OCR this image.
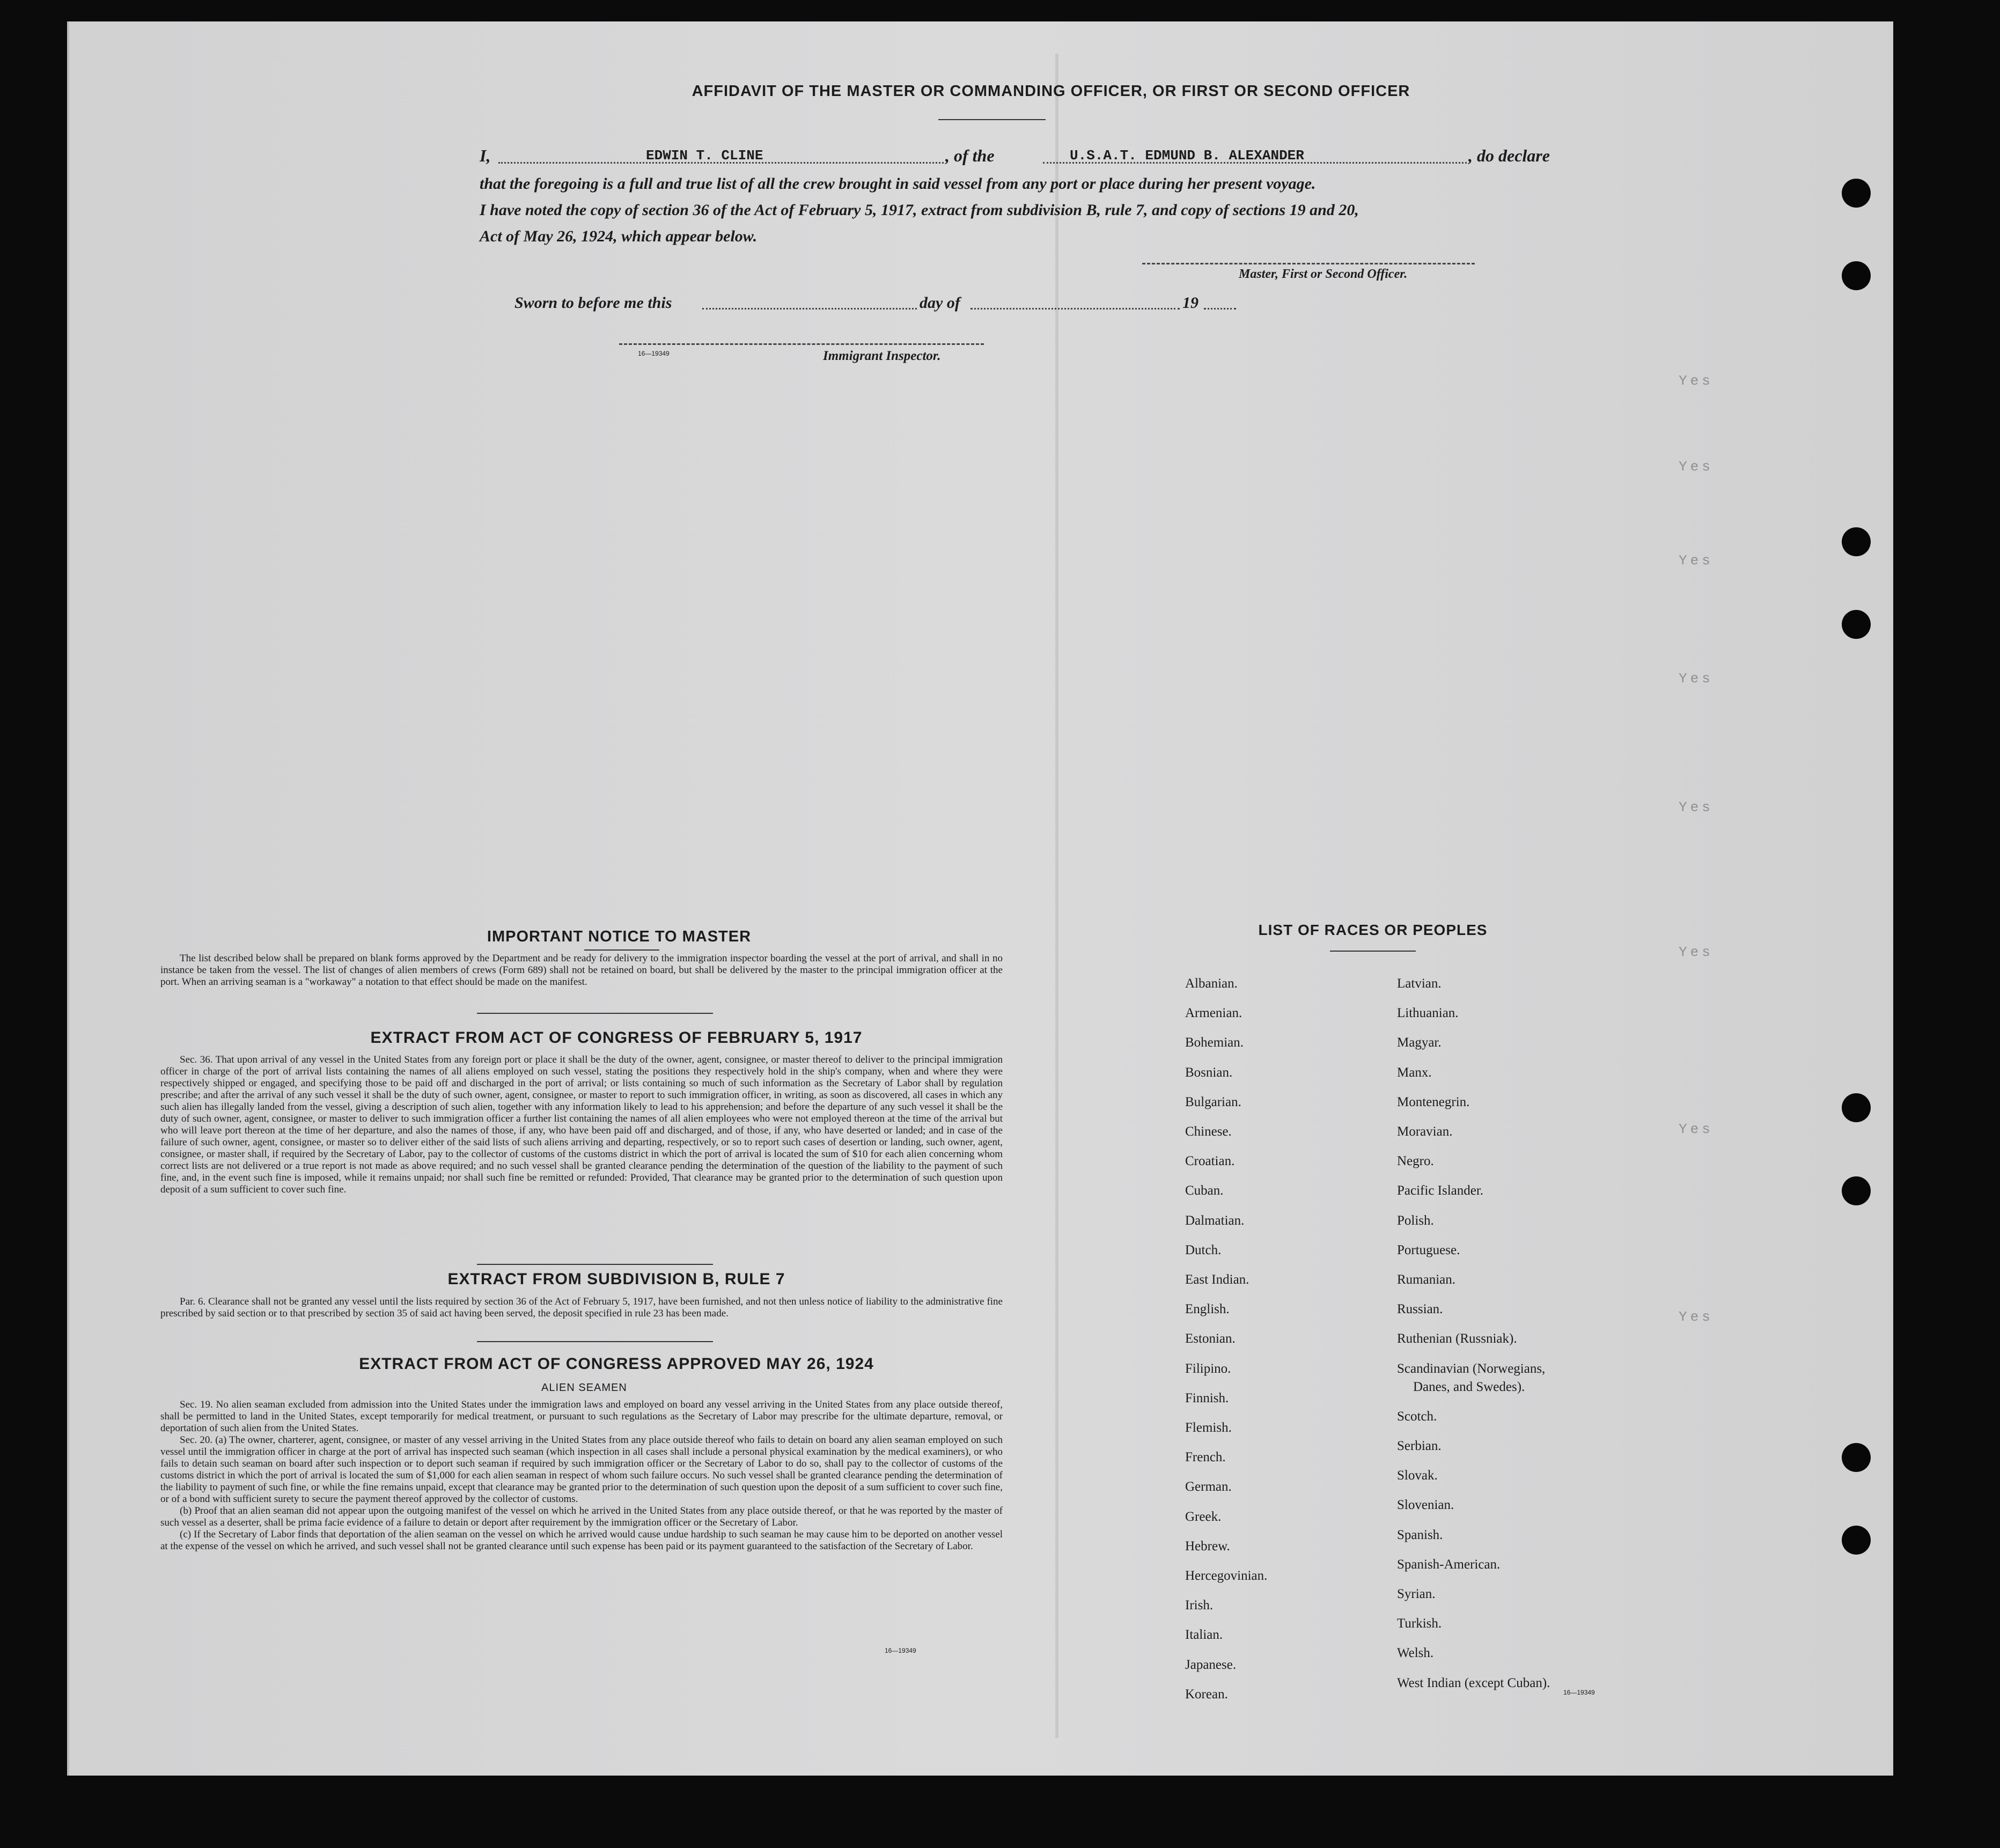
Yes
Yes
Yes
Yes
Yes
Yes
Yes
Yes
AFFIDAVIT OF THE MASTER OR COMMANDING OFFICER, OR FIRST OR SECOND OFFICER
I,	EDWIN T. CLINE	, of the	U.S.A.T. EDMUND B. ALEXANDER	, do declare
that the foregoing is a full and true list of all the crew brought in said vessel from any port or place during her present voyage.
I have noted the copy of section 36 of the Act of February 5, 1917, extract from subdivision B, rule 7, and copy of sections 19 and 20,
Act of May 26, 1924, which appear below.
Master, First or Second Officer.
Sworn to before me this	day of	19
16—19349	Immigrant Inspector.
IMPORTANT NOTICE TO MASTER

The list described below shall be prepared on blank forms approved by the Department and be ready for delivery to the immigration inspector boarding the vessel at the port of arrival, and shall in no instance be taken from the vessel. The list of changes of alien members of crews (Form 689) shall not be retained on board, but shall be delivered by the master to the principal immigration officer at the port. When an arriving seaman is a "workaway" a notation to that effect should be made on the manifest.

EXTRACT FROM ACT OF CONGRESS OF FEBRUARY 5, 1917

Sec. 36. That upon arrival of any vessel in the United States from any foreign port or place it shall be the duty of the owner, agent, consignee, or master thereof to deliver to the principal immigration officer in charge of the port of arrival lists containing the names of all aliens employed on such vessel, stating the positions they respectively hold in the ship's company, when and where they were respectively shipped or engaged, and specifying those to be paid off and discharged in the port of arrival; or lists containing so much of such information as the Secretary of Labor shall by regulation prescribe; and after the arrival of any such vessel it shall be the duty of such owner, agent, consignee, or master to report to such immigration officer, in writing, as soon as discovered, all cases in which any such alien has illegally landed from the vessel, giving a description of such alien, together with any information likely to lead to his apprehension; and before the departure of any such vessel it shall be the duty of such owner, agent, consignee, or master to deliver to such immigration officer a further list containing the names of all alien employees who were not employed thereon at the time of the arrival but who will leave port thereon at the time of her departure, and also the names of those, if any, who have been paid off and discharged, and of those, if any, who have deserted or landed; and in case of the failure of such owner, agent, consignee, or master so to deliver either of the said lists of such aliens arriving and departing, respectively, or so to report such cases of desertion or landing, such owner, agent, consignee, or master shall, if required by the Secretary of Labor, pay to the collector of customs of the customs district in which the port of arrival is located the sum of $10 for each alien concerning whom correct lists are not delivered or a true report is not made as above required; and no such vessel shall be granted clearance pending the determination of the question of the liability to the payment of such fine, and, in the event such fine is imposed, while it remains unpaid; nor shall such fine be remitted or refunded: Provided, That clearance may be granted prior to the determination of such question upon deposit of a sum sufficient to cover such fine.

EXTRACT FROM SUBDIVISION B, RULE 7

Par. 6. Clearance shall not be granted any vessel until the lists required by section 36 of the Act of February 5, 1917, have been furnished, and not then unless notice of liability to the administrative fine prescribed by said section or to that prescribed by section 35 of said act having been served, the deposit specified in rule 23 has been made.

EXTRACT FROM ACT OF CONGRESS APPROVED MAY 26, 1924
ALIEN SEAMEN

Sec. 19. No alien seaman excluded from admission into the United States under the immigration laws and employed on board any vessel arriving in the United States from any place outside thereof, shall be permitted to land in the United States, except temporarily for medical treatment, or pursuant to such regulations as the Secretary of Labor may prescribe for the ultimate departure, removal, or deportation of such alien from the United States.

Sec. 20. (a) The owner, charterer, agent, consignee, or master of any vessel arriving in the United States from any place outside thereof who fails to detain on board any alien seaman employed on such vessel until the immigration officer in charge at the port of arrival has inspected such seaman (which inspection in all cases shall include a personal physical examination by the medical examiners), or who fails to detain such seaman on board after such inspection or to deport such seaman if required by such immigration officer or the Secretary of Labor to do so, shall pay to the collector of customs of the customs district in which the port of arrival is located the sum of $1,000 for each alien seaman in respect of whom such failure occurs. No such vessel shall be granted clearance pending the determination of the liability to payment of such fine, or while the fine remains unpaid, except that clearance may be granted prior to the determination of such question upon the deposit of a sum sufficient to cover such fine, or of a bond with sufficient surety to secure the payment thereof approved by the collector of customs.

(b) Proof that an alien seaman did not appear upon the outgoing manifest of the vessel on which he arrived in the United States from any place outside thereof, or that he was reported by the master of such vessel as a deserter, shall be prima facie evidence of a failure to detain or deport after requirement by the immigration officer or the Secretary of Labor.

(c) If the Secretary of Labor finds that deportation of the alien seaman on the vessel on which he arrived would cause undue hardship to such seaman he may cause him to be deported on another vessel at the expense of the vessel on which he arrived, and such vessel shall not be granted clearance until such expense has been paid or its payment guaranteed to the satisfaction of the Secretary of Labor.

16—19349
LIST OF RACES OR PEOPLES
Albanian.
Armenian.
Bohemian.
Bosnian.
Bulgarian.
Chinese.
Croatian.
Cuban.
Dalmatian.
Dutch.
East Indian.
English.
Estonian.
Filipino.
Finnish.
Flemish.
French.
German.
Greek.
Hebrew.
Hercegovinian.
Irish.
Italian.
Japanese.
Korean.
Latvian.
Lithuanian.
Magyar.
Manx.
Montenegrin.
Moravian.
Negro.
Pacific Islander.
Polish.
Portuguese.
Rumanian.
Russian.
Ruthenian (Russniak).
Scandinavian (Norwegians,
Danes, and Swedes).
Scotch.
Serbian.
Slovak.
Slovenian.
Spanish.
Spanish-American.
Syrian.
Turkish.
Welsh.
West Indian (except Cuban).
16—19349
